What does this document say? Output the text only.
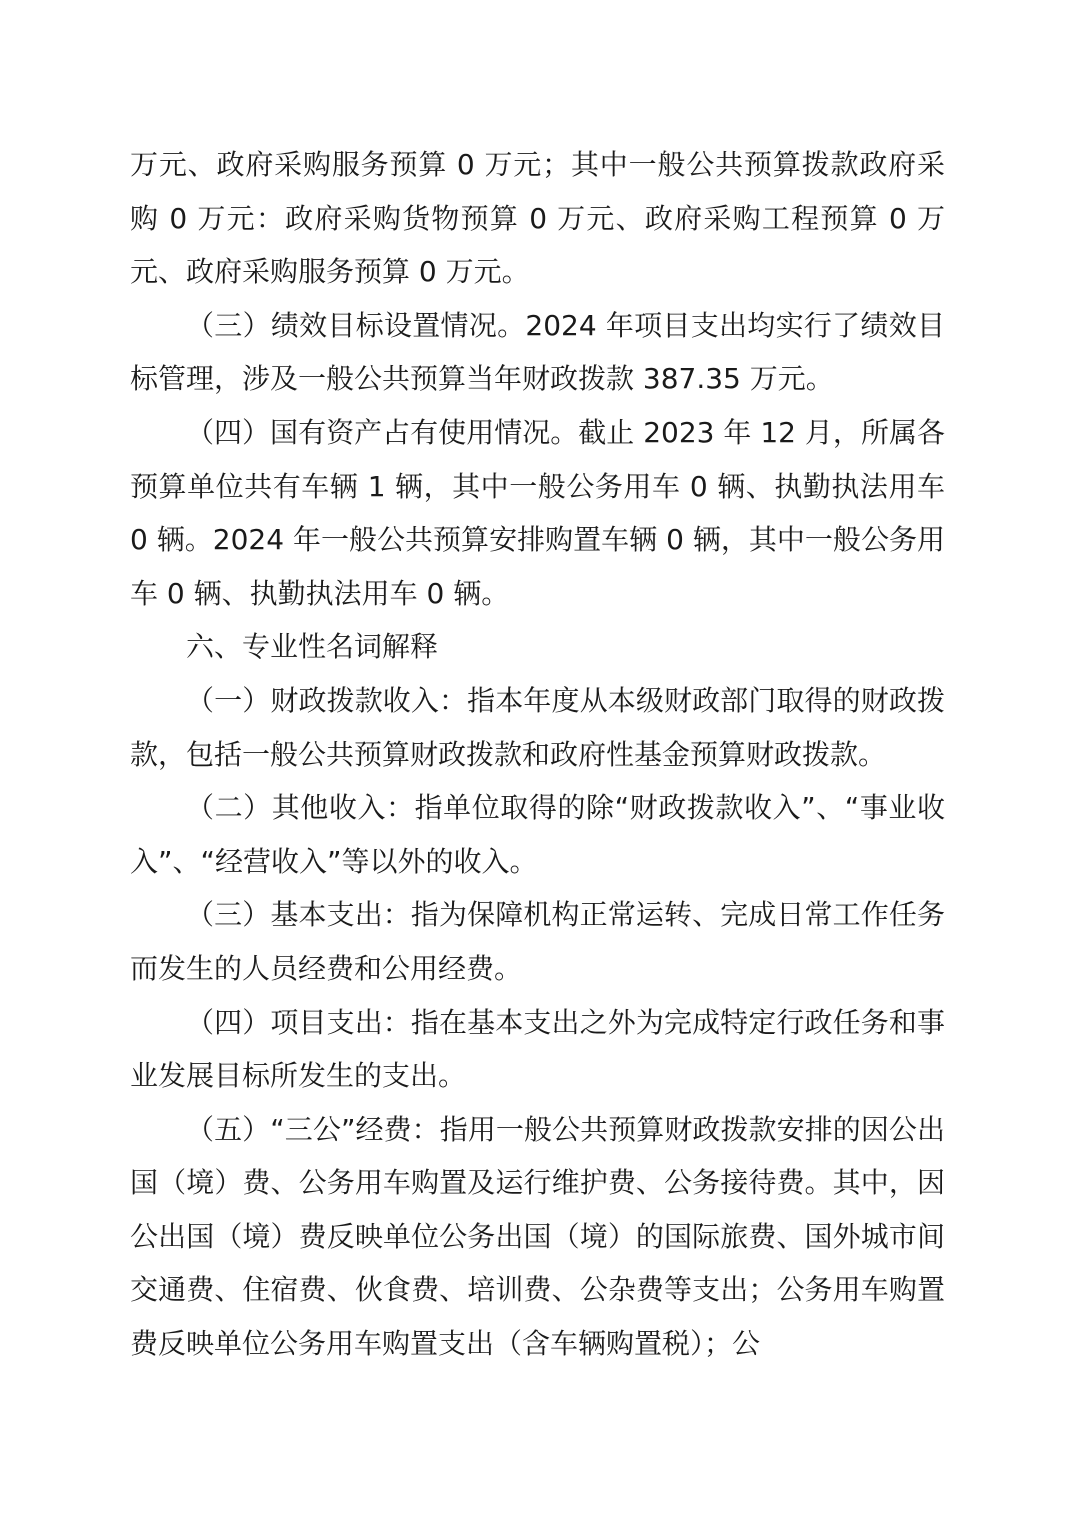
万元、政府采购服务预算 0 万元；其中一般公共预算拨款政府采购 0 万元：政府采购货物预算 0 万元、政府采购工程预算 0 万元、政府采购服务预算 0 万元。

（三）绩效目标设置情况。2024 年项目支出均实行了绩效目标管理，涉及一般公共预算当年财政拨款 387.35 万元。

（四）国有资产占有使用情况。截止 2023 年 12 月，所属各预算单位共有车辆 1 辆，其中一般公务用车 0 辆、执勤执法用车 0 辆。2024 年一般公共预算安排购置车辆 0 辆，其中一般公务用车 0 辆、执勤执法用车 0 辆。

六、专业性名词解释

（一）财政拨款收入：指本年度从本级财政部门取得的财政拨款，包括一般公共预算财政拨款和政府性基金预算财政拨款。

（二）其他收入：指单位取得的除“财政拨款收入”、“事业收入”、“经营收入”等以外的收入。

（三）基本支出：指为保障机构正常运转、完成日常工作任务而发生的人员经费和公用经费。

（四）项目支出：指在基本支出之外为完成特定行政任务和事业发展目标所发生的支出。

（五）“三公”经费：指用一般公共预算财政拨款安排的因公出国（境）费、公务用车购置及运行维护费、公务接待费。其中，因公出国（境）费反映单位公务出国（境）的国际旅费、国外城市间交通费、住宿费、伙食费、培训费、公杂费等支出；公务用车购置费反映单位公务用车购置支出（含车辆购置税）；公
